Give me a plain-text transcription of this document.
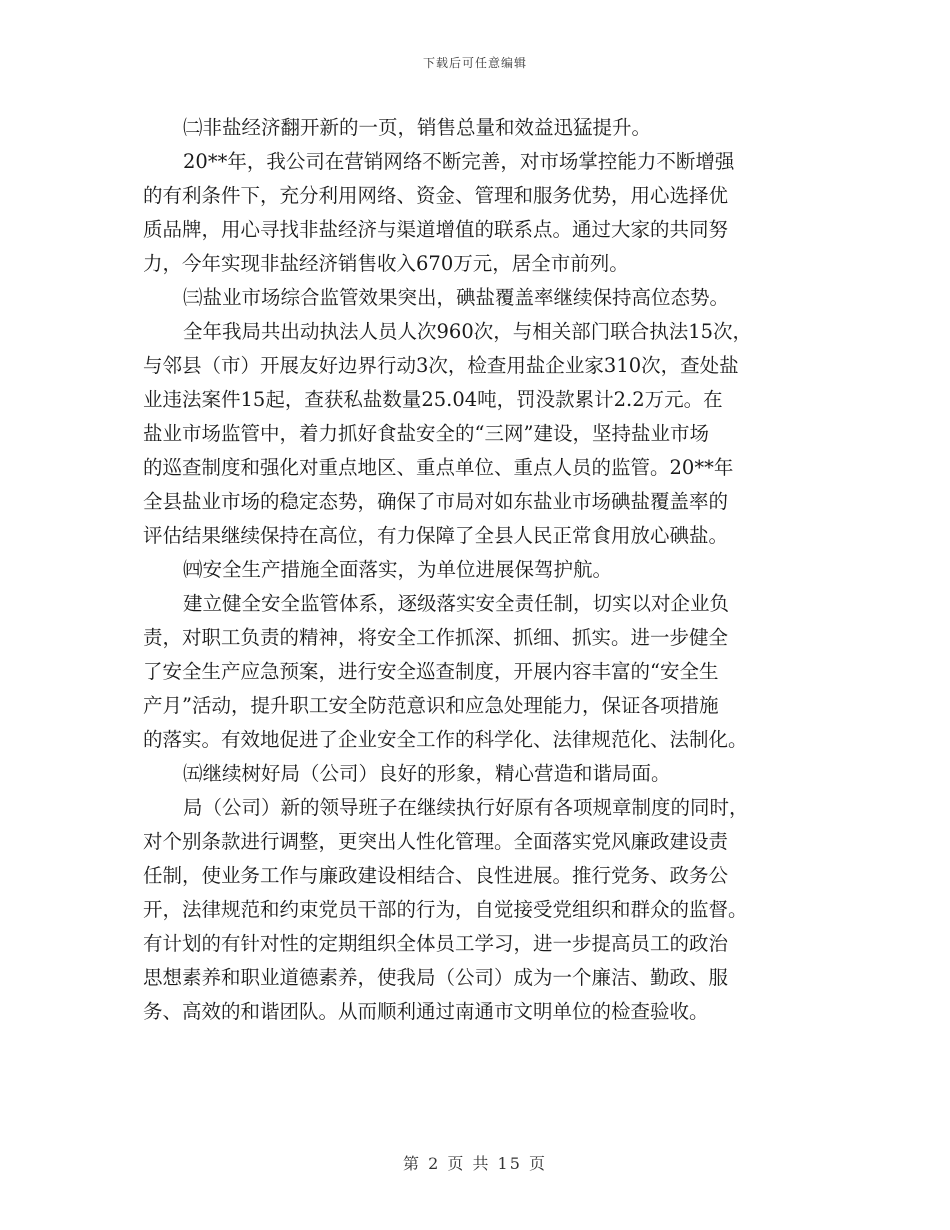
下载后可任意编辑
㈡非盐经济翻开新的一页，销售总量和效益迅猛提升。
20**年，我公司在营销网络不断完善，对市场掌控能力不断增强
的有利条件下，充分利用网络、资金、管理和服务优势，用心选择优
质品牌，用心寻找非盐经济与渠道增值的联系点。通过大家的共同努
力，今年实现非盐经济销售收入670万元，居全市前列。
㈢盐业市场综合监管效果突出，碘盐覆盖率继续保持高位态势。
全年我局共出动执法人员人次960次，与相关部门联合执法15次，
与邻县（市）开展友好边界行动3次，检查用盐企业家310次，查处盐
业违法案件15起，查获私盐数量25.04吨，罚没款累计2.2万元。在
盐业市场监管中，着力抓好食盐安全的“三网”建设，坚持盐业市场
的巡查制度和强化对重点地区、重点单位、重点人员的监管。20**年
全县盐业市场的稳定态势，确保了市局对如东盐业市场碘盐覆盖率的
评估结果继续保持在高位，有力保障了全县人民正常食用放心碘盐。
㈣安全生产措施全面落实，为单位进展保驾护航。
建立健全安全监管体系，逐级落实安全责任制，切实以对企业负
责，对职工负责的精神，将安全工作抓深、抓细、抓实。进一步健全
了安全生产应急预案，进行安全巡查制度，开展内容丰富的“安全生
产月”活动，提升职工安全防范意识和应急处理能力，保证各项措施
的落实。有效地促进了企业安全工作的科学化、法律规范化、法制化。
㈤继续树好局（公司）良好的形象，精心营造和谐局面。
局（公司）新的领导班子在继续执行好原有各项规章制度的同时，
对个别条款进行调整，更突出人性化管理。全面落实党风廉政建设责
任制，使业务工作与廉政建设相结合、良性进展。推行党务、政务公
开，法律规范和约束党员干部的行为，自觉接受党组织和群众的监督。
有计划的有针对性的定期组织全体员工学习，进一步提高员工的政治
思想素养和职业道德素养，使我局（公司）成为一个廉洁、勤政、服
务、高效的和谐团队。从而顺利通过南通市文明单位的检查验收。
第 2 页 共 15 页
